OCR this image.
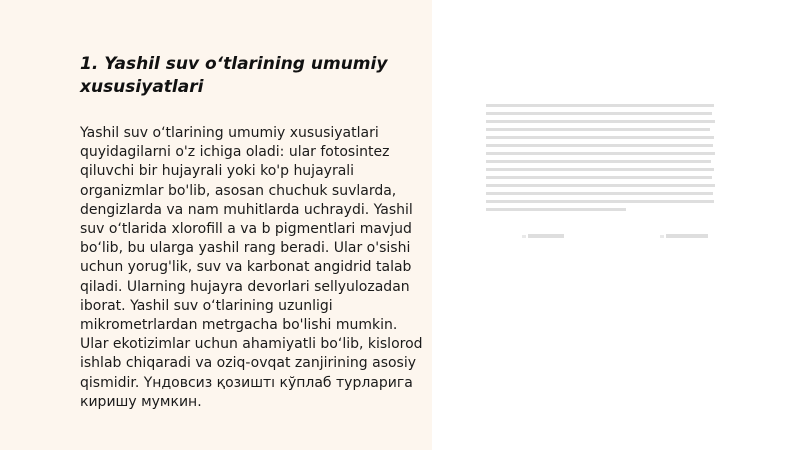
1. Yashil suv o‘tlarining umumiy xususiyatlari

Yashil suv o‘tlarining umumiy xususiyatlari quyidagilarni o'z ichiga oladi: ular fotosintez qiluvchi bir hujayrali yoki ko'p hujayrali organizmlar bo'lib, asosan chuchuk suvlarda, dengizlarda va nam muhitlarda uchraydi. Yashil suv o‘tlarida xlorofill a va b pigmentlari mavjud bo‘lib, bu ularga yashil rang beradi. Ular o'sishi uchun yorug'lik, suv va karbonat angidrid talab qiladi. Ularning hujayra devorlari sellyulozadan iborat. Yashil suv o‘tlarining uzunligi mikrometrlardan metrgacha bo'lishi mumkin. Ular ekotizimlar uchun ahamiyatli bo‘lib, kislorod ishlab chiqaradi va oziq-ovqat zanjirining asosiy qismidir. Үндовсиз қозиштı кўплаб турларига киришу мумкин.
